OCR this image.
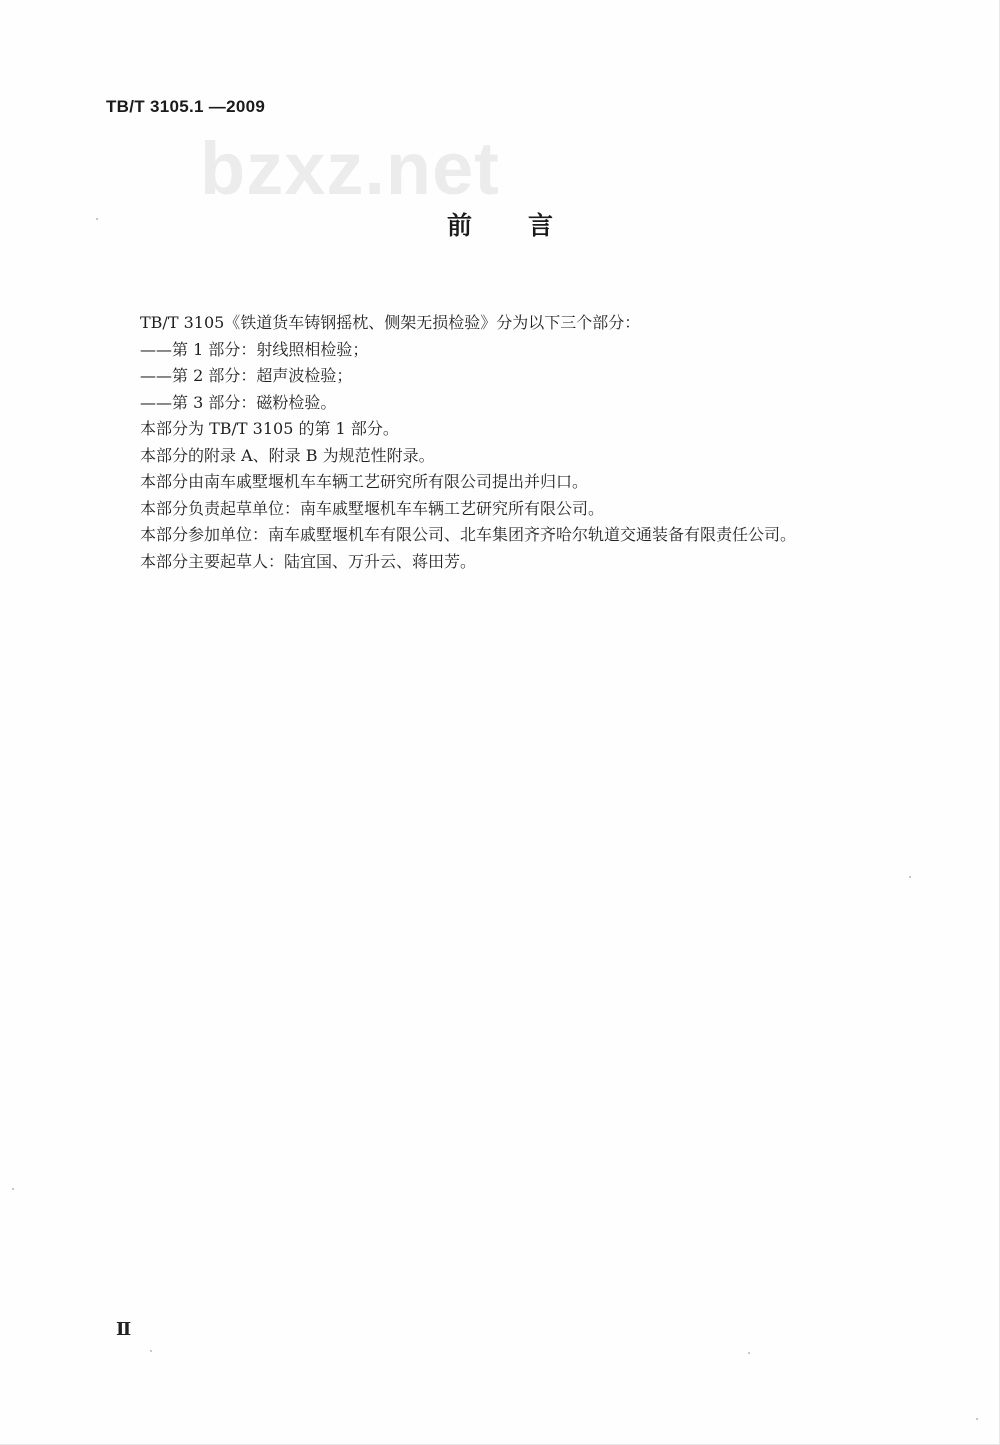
TB/T 3105.1 —2009
bzxz.net
前言

TB/T 3105《铁道货车铸钢摇枕、侧架无损检验》分为以下三个部分：

——第 1 部分：射线照相检验；

——第 2 部分：超声波检验；

——第 3 部分：磁粉检验。

本部分为 TB/T 3105 的第 1 部分。

本部分的附录 A、附录 B 为规范性附录。

本部分由南车戚墅堰机车车辆工艺研究所有限公司提出并归口。

本部分负责起草单位：南车戚墅堰机车车辆工艺研究所有限公司。

本部分参加单位：南车戚墅堰机车有限公司、北车集团齐齐哈尔轨道交通装备有限责任公司。

本部分主要起草人：陆宜国、万升云、蒋田芳。

Ⅱ
